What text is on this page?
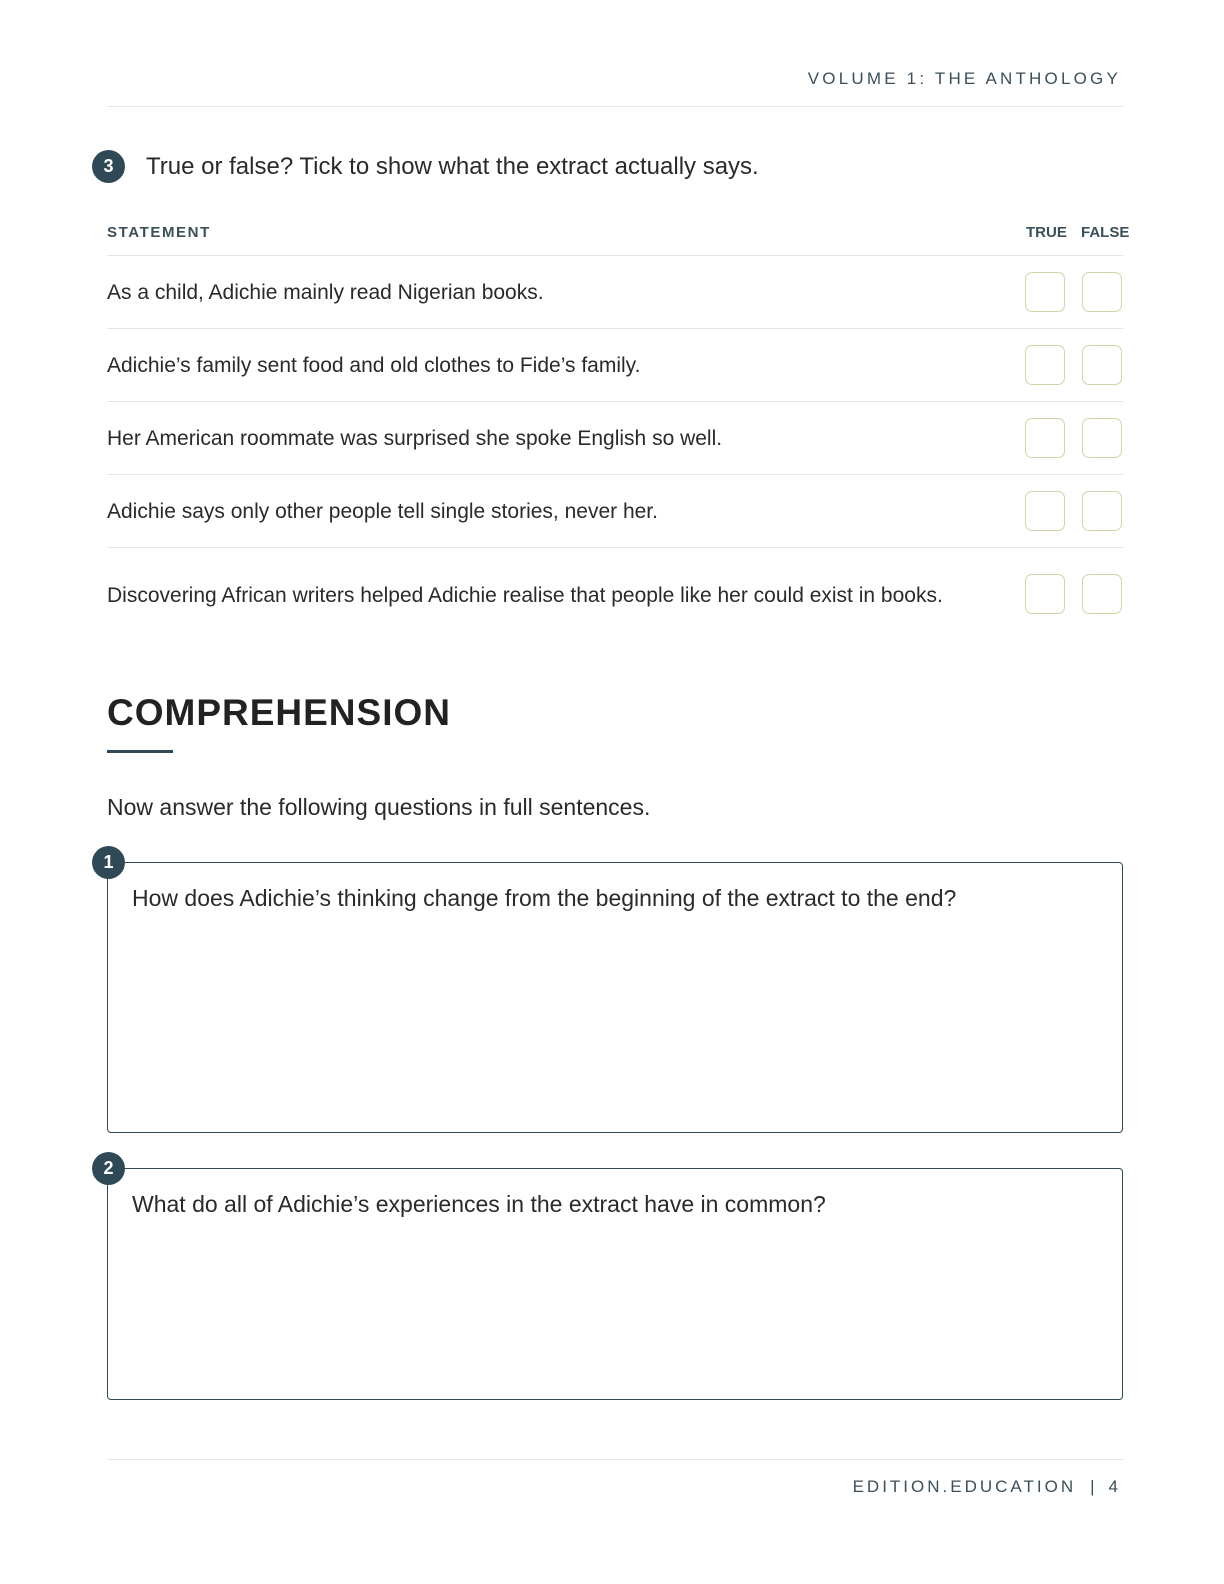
VOLUME 1: THE ANTHOLOGY
3	True or false? Tick to show what the extract actually says.
STATEMENT	TRUE FALSE
As a child, Adichie mainly read Nigerian books.
Adichie’s family sent food and old clothes to Fide’s family.
Her American roommate was surprised she spoke English so well.
Adichie says only other people tell single stories, never her.
Discovering African writers helped Adichie realise that people like her could exist in books.
COMPREHENSION
Now answer the following questions in full sentences.
How does Adichie’s thinking change from the beginning of the extract to the end?
1
What do all of Adichie’s experiences in the extract have in common?
2
EDITION.EDUCATION | 4
